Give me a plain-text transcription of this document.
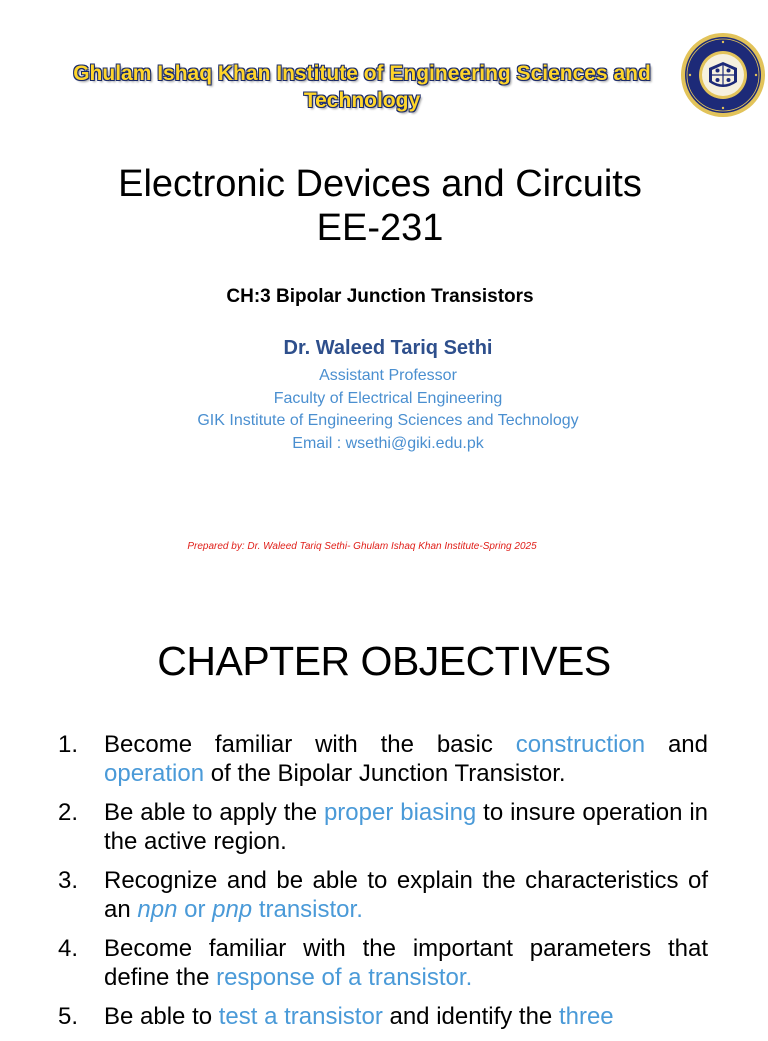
Ghulam Ishaq Khan Institute of Engineering Sciences and Technology
Electronic Devices and Circuits
EE-231
CH:3 Bipolar Junction Transistors
Dr. Waleed Tariq Sethi
Assistant Professor
Faculty of Electrical Engineering
GIK Institute of Engineering Sciences and Technology
Email : wsethi@giki.edu.pk
Prepared by: Dr. Waleed Tariq Sethi- Ghulam Ishaq Khan Institute-Spring 2025
CHAPTER OBJECTIVES
1. Become familiar with the basic construction and operation of the Bipolar Junction Transistor.
2. Be able to apply the proper biasing to insure operation in the active region.
3. Recognize and be able to explain the characteristics of an npn or pnp transistor.
4. Become familiar with the important parameters that define the response of a transistor.
5. Be able to test a transistor and identify the three
